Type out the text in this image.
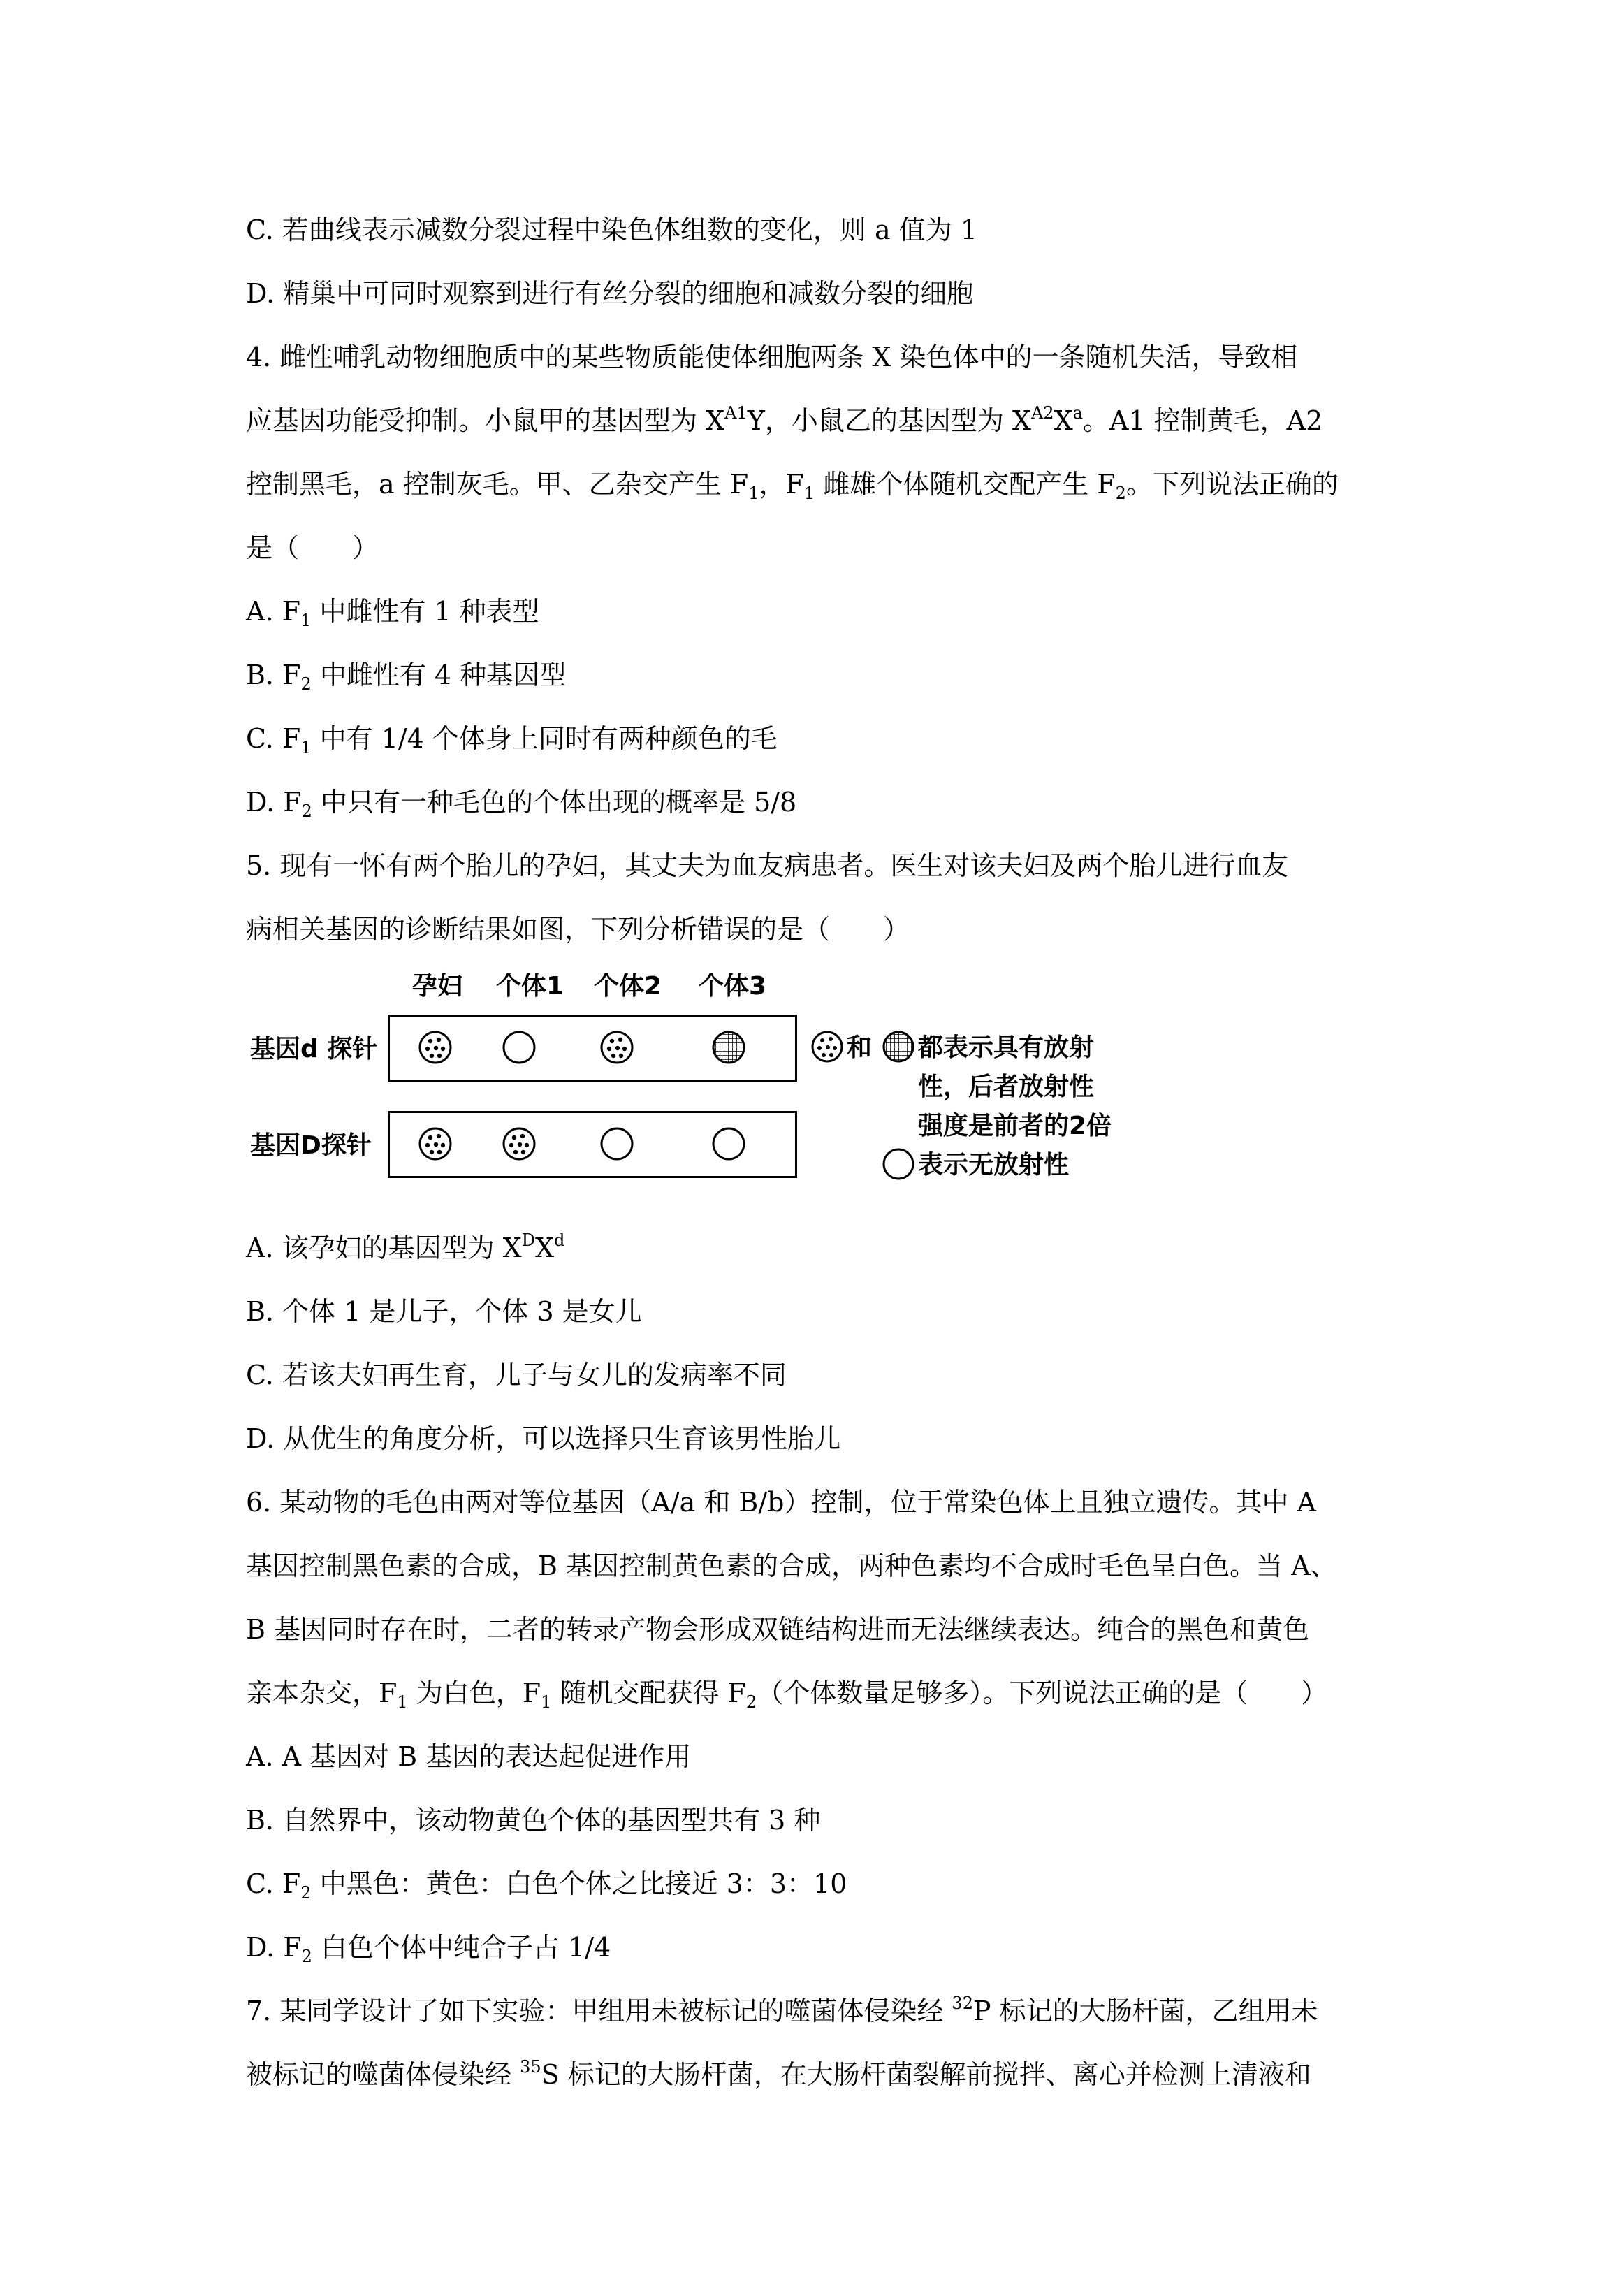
C. 若曲线表示减数分裂过程中染色体组数的变化，则 a 值为 1
D. 精巢中可同时观察到进行有丝分裂的细胞和减数分裂的细胞
4. 雌性哺乳动物细胞质中的某些物质能使体细胞两条 X 染色体中的一条随机失活，导致相
应基因功能受抑制。小鼠甲的基因型为 $X^{A1}Y$，小鼠乙的基因型为 $X^{A2}X^a$。A1 控制黄毛，A2
控制黑毛，a 控制灰毛。甲、乙杂交产生 $F_1$，$F_1$ 雌雄个体随机交配产生 $F_2$。下列说法正确的
是（　　）
A. $F_1$ 中雌性有 1 种表型
B. $F_2$ 中雌性有 4 种基因型
C. $F_1$ 中有 1/4 个体身上同时有两种颜色的毛
D. $F_2$ 中只有一种毛色的个体出现的概率是 5/8
5. 现有一怀有两个胎儿的孕妇，其丈夫为血友病患者。医生对该夫妇及两个胎儿进行血友
病相关基因的诊断结果如图，下列分析错误的是（　　）
孕妇 个体1 个体2 个体3
基因d 探针
基因D探针
和 都表示具有放射
性，后者放射性
强度是前者的2倍
表示无放射性
A. 该孕妇的基因型为 $X^DX^d$
B. 个体 1 是儿子，个体 3 是女儿
C. 若该夫妇再生育，儿子与女儿的发病率不同
D. 从优生的角度分析，可以选择只生育该男性胎儿
6. 某动物的毛色由两对等位基因（A/a 和 B/b）控制，位于常染色体上且独立遗传。其中 A
基因控制黑色素的合成，B 基因控制黄色素的合成，两种色素均不合成时毛色呈白色。当 A、
B 基因同时存在时，二者的转录产物会形成双链结构进而无法继续表达。纯合的黑色和黄色
亲本杂交，$F_1$ 为白色，$F_1$ 随机交配获得 $F_2$（个体数量足够多）。下列说法正确的是（　　）
A. A 基因对 B 基因的表达起促进作用
B. 自然界中，该动物黄色个体的基因型共有 3 种
C. $F_2$ 中黑色：黄色：白色个体之比接近 3：3：10
D. $F_2$ 白色个体中纯合子占 1/4
7. 某同学设计了如下实验：甲组用未被标记的噬菌体侵染经 $^{32}$P 标记的大肠杆菌，乙组用未
被标记的噬菌体侵染经 $^{35}$S 标记的大肠杆菌，在大肠杆菌裂解前搅拌、离心并检测上清液和
